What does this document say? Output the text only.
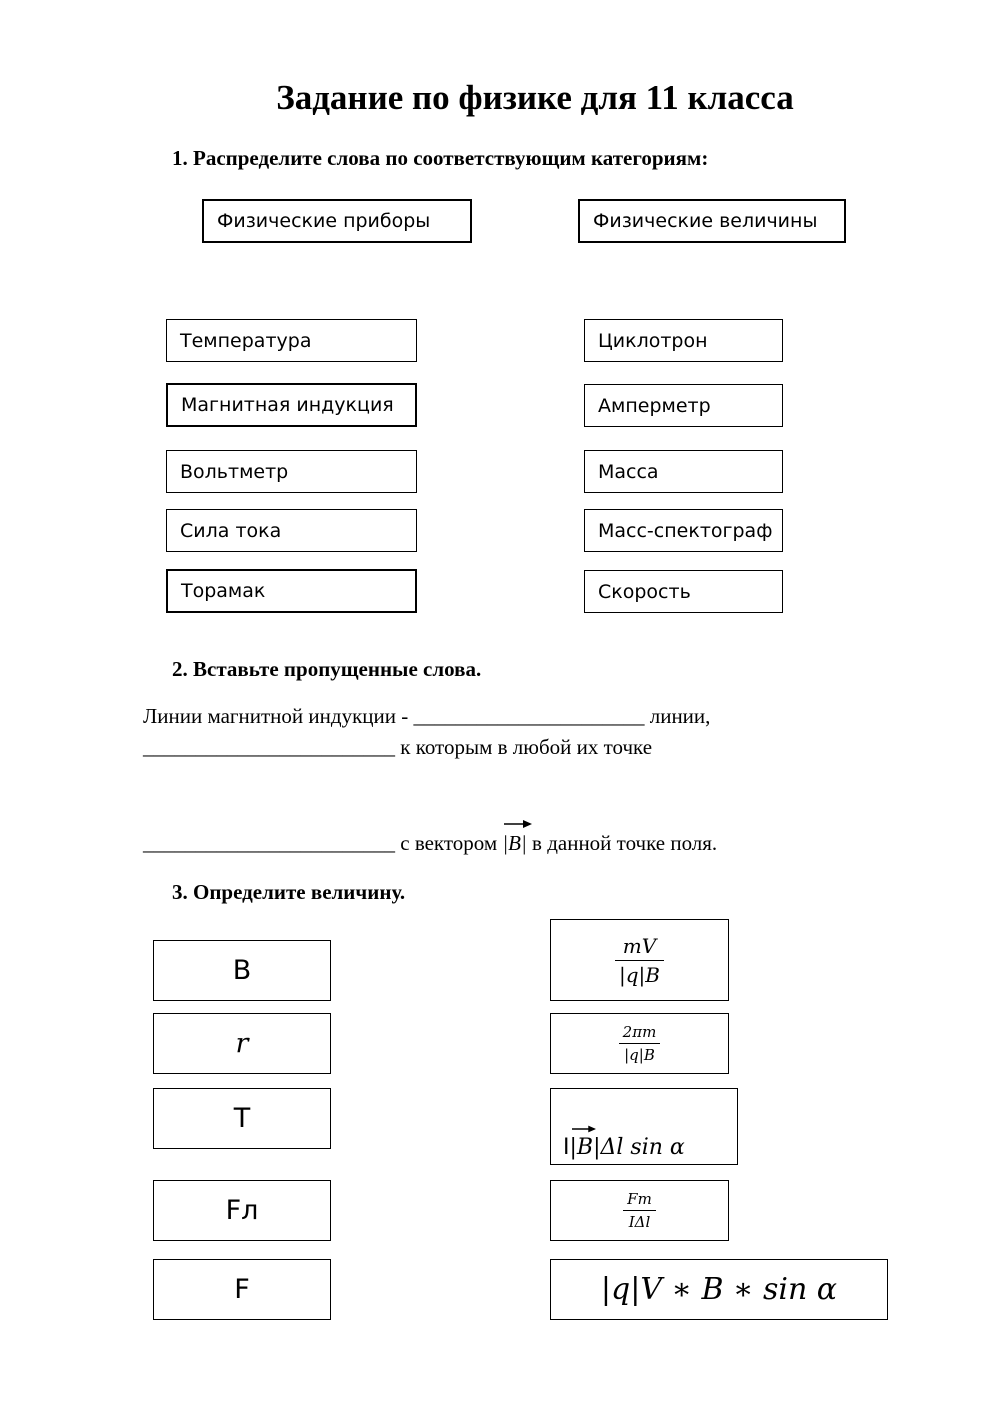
Задание по физике для 11 класса
1. Распределите слова по соответствующим категориям:
Физические приборы	Физические величины
Температура
Магнитная индукция
Вольтметр
Сила тока
Торамак
Циклотрон
Амперметр
Масса
Масс-спектограф
Скорость
2. Вставьте пропущенные слова.
Линии магнитной индукции - ______________________ линии,
________________________ к которым в любой их точке
________________________ с вектором
|B| в данной точке поля.
3. Определите величину.
B
r
T
Fл
F
$\frac{mV}{|q|B}$
$\frac{2\pi m}{|q|B}$
I |B| Δl sin α
$\frac{Fm}{\text{IΔl}}$
|q|V ∗ B ∗ sin α
